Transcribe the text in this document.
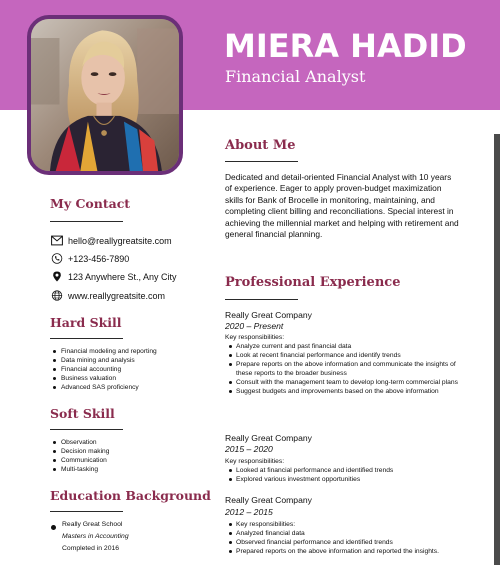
MIERA HADID
Financial Analyst
My Contact
hello@reallygreatsite.com
+123-456-7890
123 Anywhere St., Any City
www.reallygreatsite.com
Hard Skill
Financial modeling and reporting
Data mining and analysis
Financial accounting
Business valuation
Advanced SAS proficiency
Soft Skill
Observation
Decision making
Communication
Multi-tasking
Education Background
Really Great School
Masters in Accounting
Completed in 2016
About Me
Dedicated and detail-oriented Financial Analyst with 10 years of experience. Eager to apply proven-budget maximization skills for Bank of Brocelle in monitoring, maintaining, and completing client billing and reconciliations. Special interest in achieving the millennial market and helping with retirement and general financial planning.
Professional Experience
Really Great Company
2020 – Present
Key responsibilities:
Analyze current and past financial data
Look at recent financial performance and identify trends
Prepare reports on the above information and communicate the insights of these reports to the broader business
Consult with the management team to develop long-term commercial plans
Suggest budgets and improvements based on the above information
Really Great Company
2015 – 2020
Key responsibilities:
Looked at financial performance and identified trends
Explored various investment opportunities
Really Great Company
2012 – 2015
Key responsibilities:
Analyzed financial data
Observed financial performance and identified trends
Prepared reports on the above information and reported the insights.
